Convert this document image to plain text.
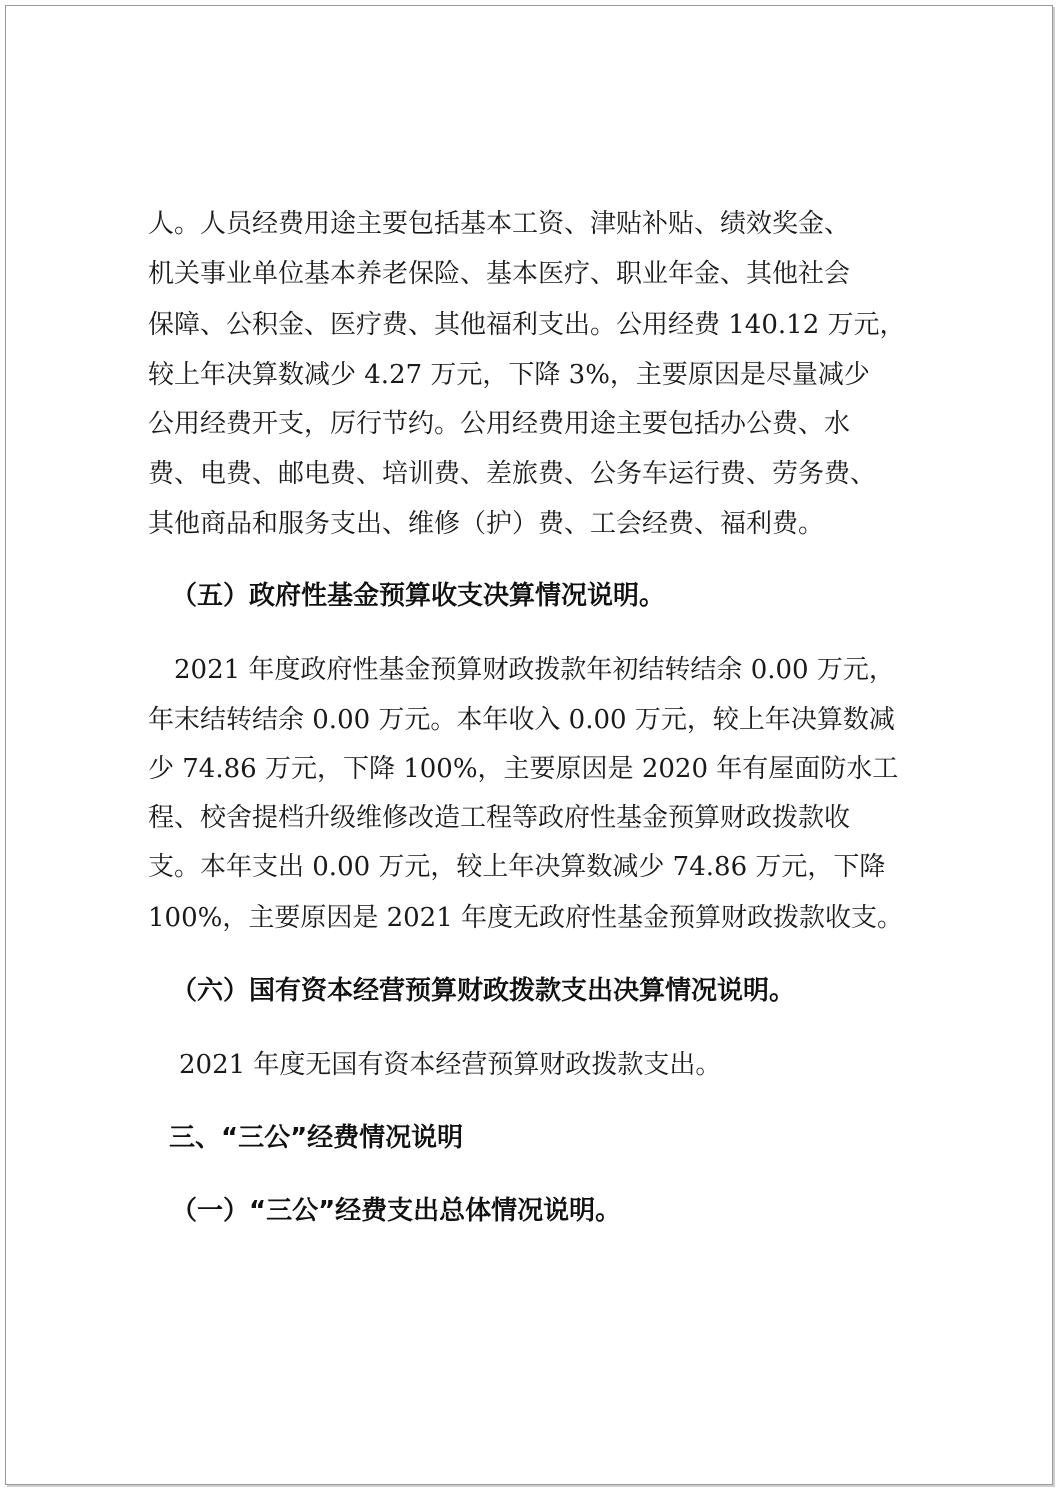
人。人员经费用途主要包括基本工资、津贴补贴、绩效奖金、
机关事业单位基本养老保险、基本医疗、职业年金、其他社会
保障、公积金、医疗费、其他福利支出。公用经费 140.12 万元，
较上年决算数减少 4.27 万元，下降 3%，主要原因是尽量减少
公用经费开支，厉行节约。公用经费用途主要包括办公费、水
费、电费、邮电费、培训费、差旅费、公务车运行费、劳务费、
其他商品和服务支出、维修（护）费、工会经费、福利费。
（五）政府性基金预算收支决算情况说明。
2021 年度政府性基金预算财政拨款年初结转结余 0.00 万元，
年末结转结余 0.00 万元。本年收入 0.00 万元，较上年决算数减
少 74.86 万元，下降 100%，主要原因是 2020 年有屋面防水工
程、校舍提档升级维修改造工程等政府性基金预算财政拨款收
支。本年支出 0.00 万元，较上年决算数减少 74.86 万元，下降
100%，主要原因是 2021 年度无政府性基金预算财政拨款收支。
（六）国有资本经营预算财政拨款支出决算情况说明。
2021 年度无国有资本经营预算财政拨款支出。
三、“三公”经费情况说明
（一）“三公”经费支出总体情况说明。
